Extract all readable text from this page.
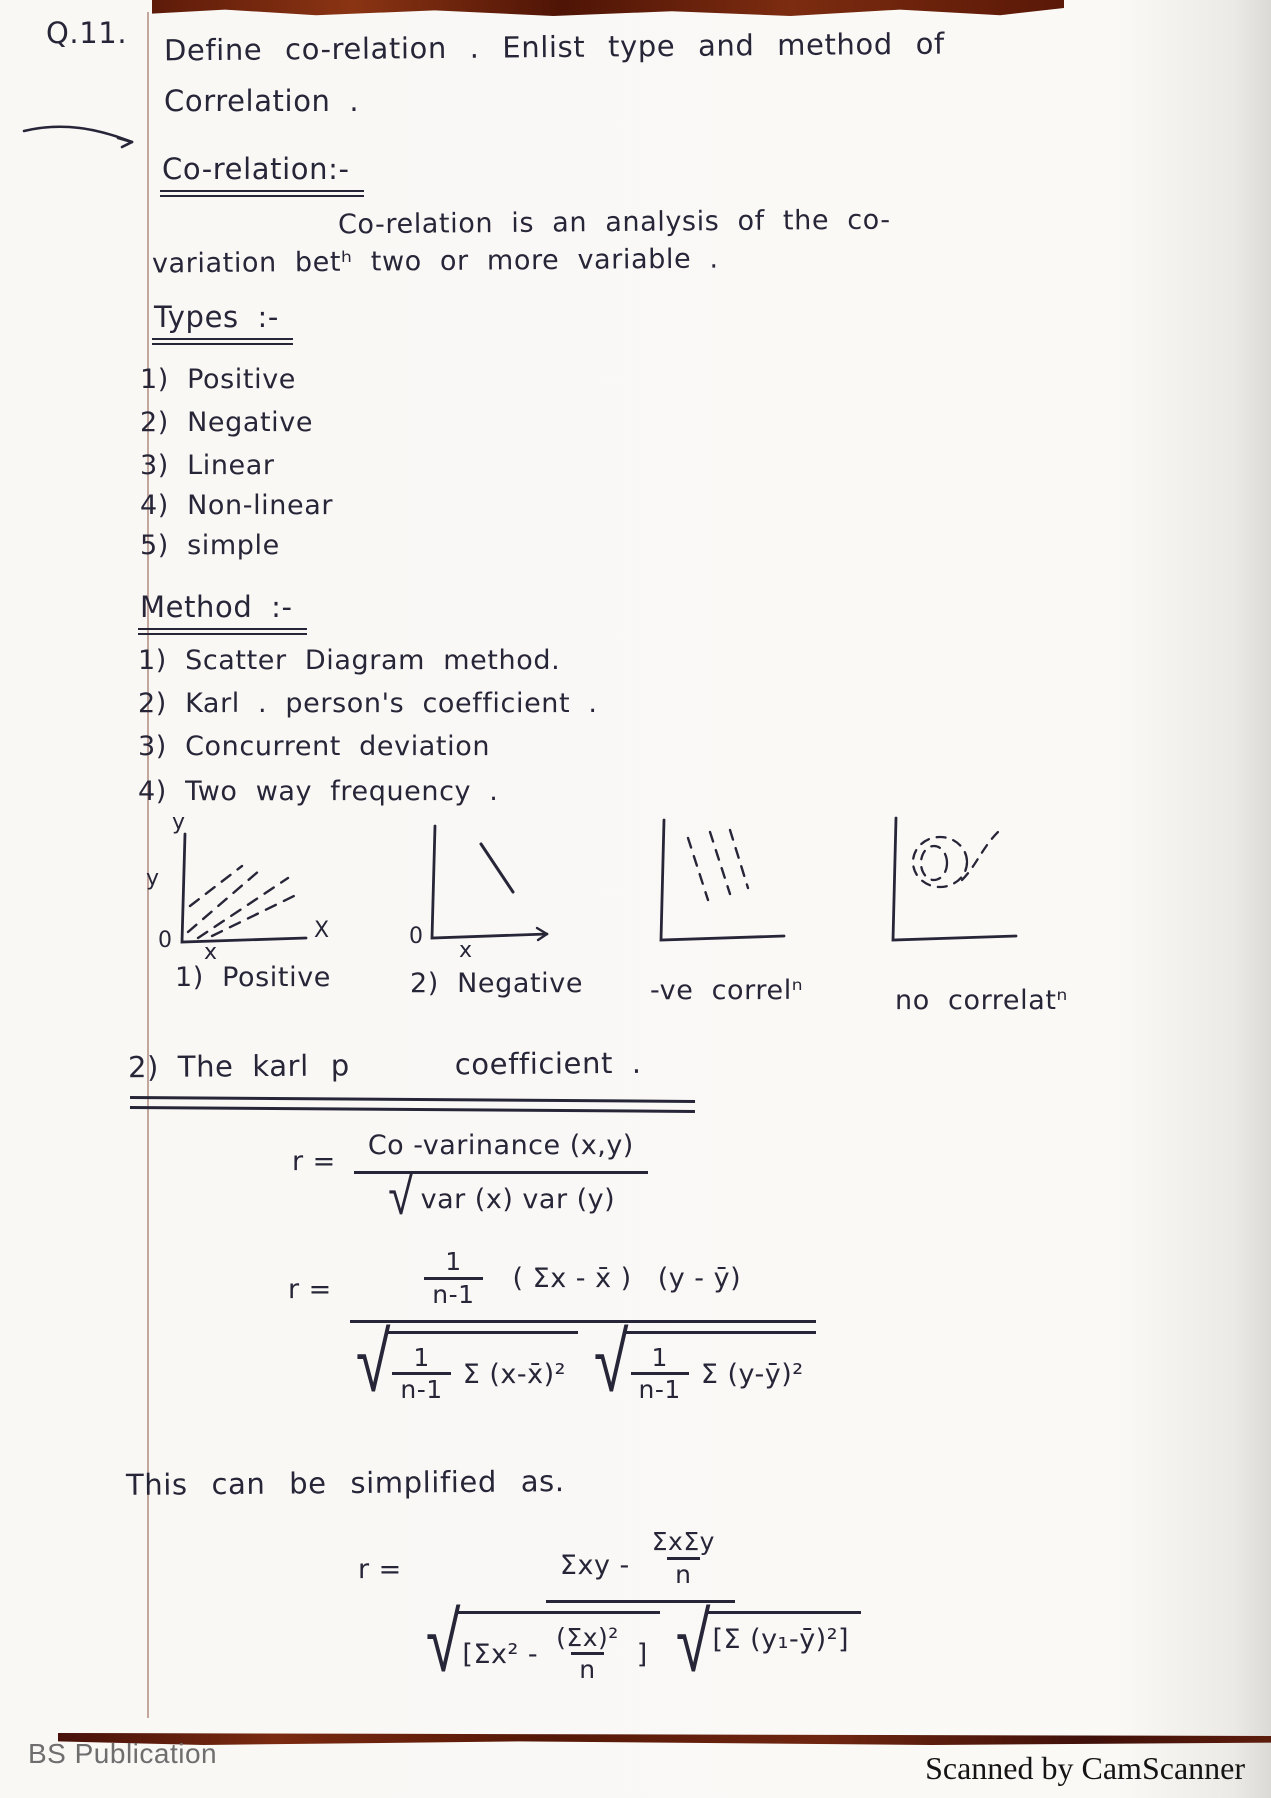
Q.11. Define co-relation . Enlist type and method of
Correlation .
Co-relation:-
Co-relation is an analysis of the co-
variation betʰ two or more variable .
Types :-
1) Positive
2) Negative
3) Linear
4) Non-linear
5) simple
Method :-
1) Scatter Diagram method.
2) Karl . person's coefficient .
3) Concurrent deviation
4) Two way frequency .
y
y
0 x
X	0
x
1) Positive	2) Negative -ve correlⁿ	no correlatⁿ
2) The karl p	coefficient .
$r = \frac{\text{Co -varinance (x,y)}}{\text{√ var (x) var (y)}}$
r =	$\frac{1}{n-1}$ ( Σx - x̄ ) (y - ȳ)
√ $\frac{1}{n-1}$ Σ (x-x̄)² √ $\frac{1}{n-1}$ Σ (y-ȳ)²
This can be simplified as.
r =	Σxy -
ΣxΣy
n
√ [$\Sigma x^2 - \frac{\text{(Σx)²}}{n}$ ] √ [Σ (y₁-ȳ)²]
BS Publication	Scanned by CamScanner
